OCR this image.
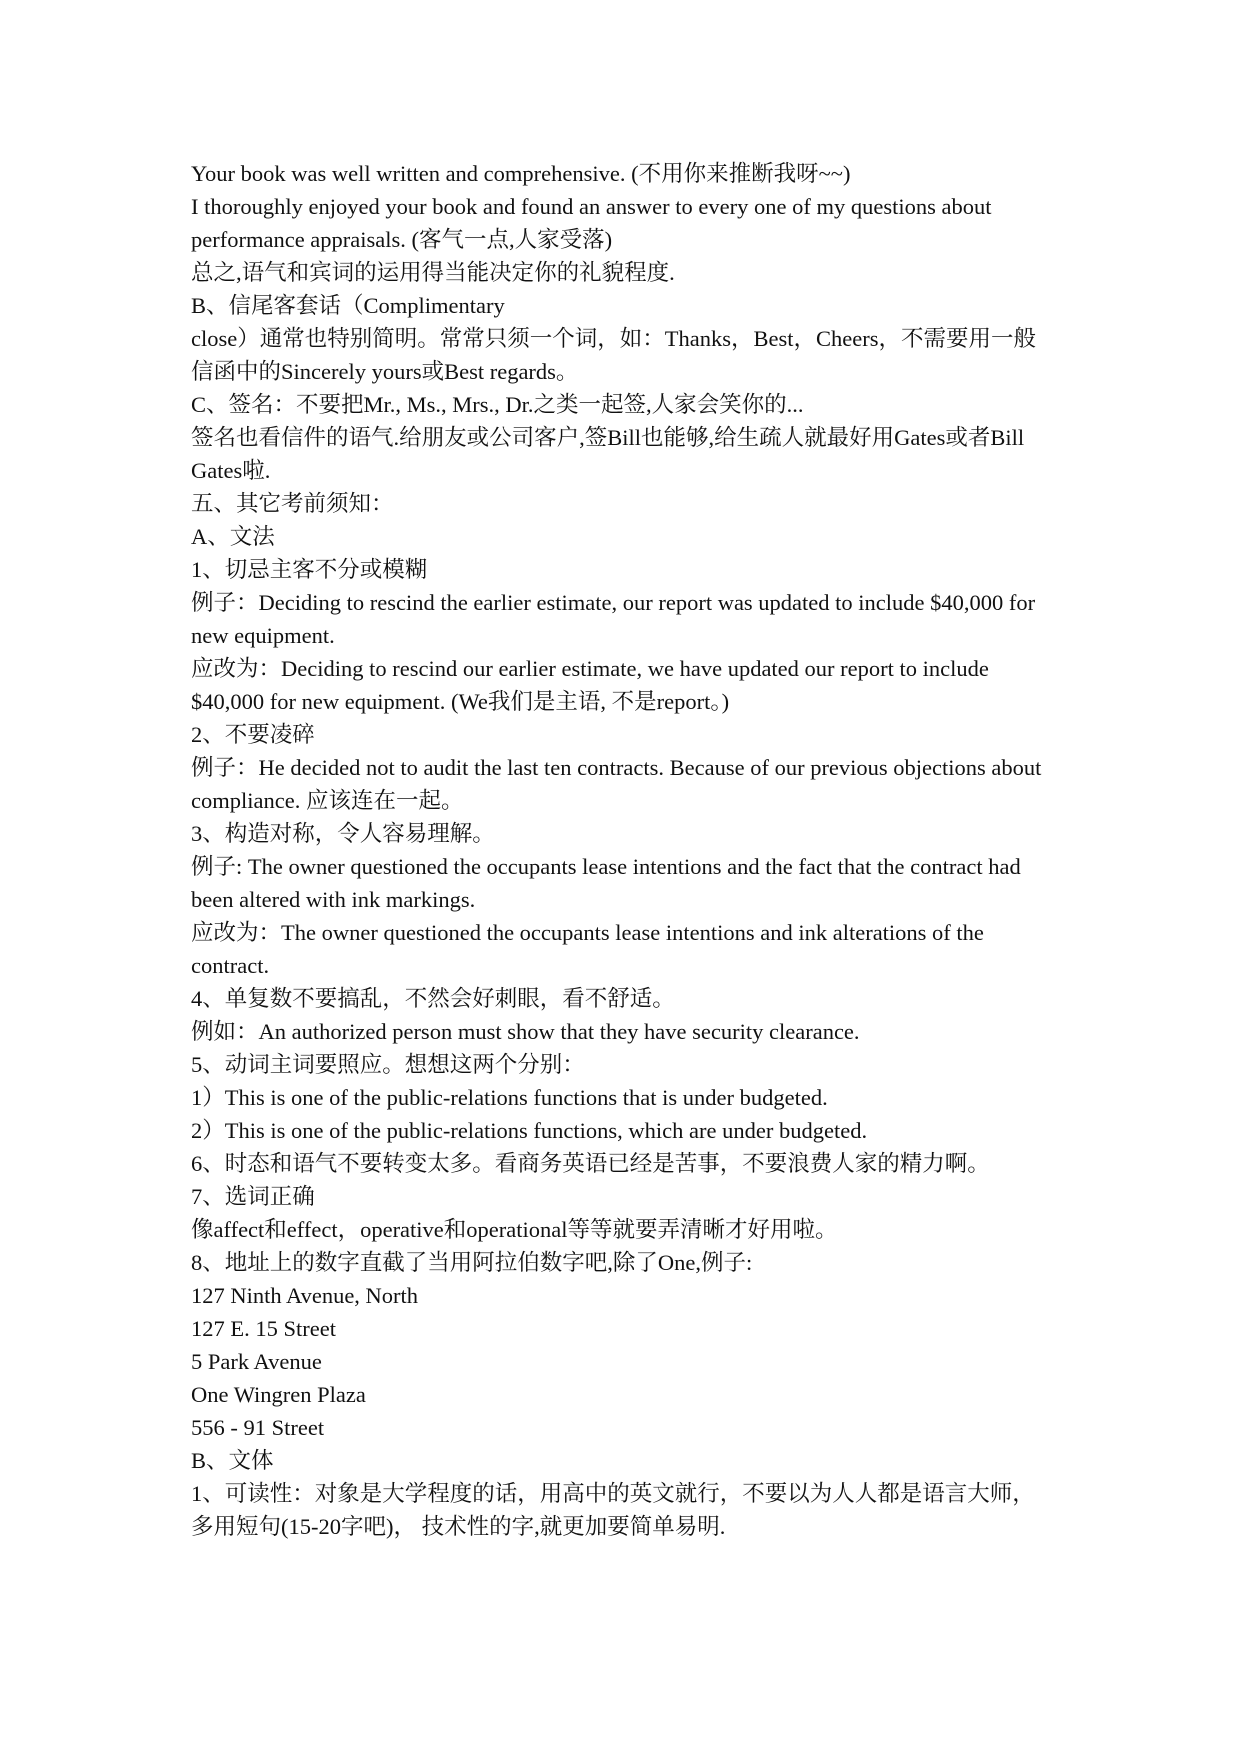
Your book was well written and comprehensive. (不用你来推断我呀~~)

I thoroughly enjoyed your book and found an answer to every one of my questions about performance appraisals. (客气一点,人家受落)

总之,语气和宾词的运用得当能决定你的礼貌程度.

B、信尾客套话（Complimentary

close）通常也特别简明。常常只须一个词，如：Thanks，Best，Cheers，不需要用一般信函中的Sincerely yours或Best regards。

C、签名：不要把Mr., Ms., Mrs., Dr.之类一起签,人家会笑你的...

签名也看信件的语气.给朋友或公司客户,签Bill也能够,给生疏人就最好用Gates或者Bill Gates啦.

五、其它考前须知：

A、文法

1、切忌主客不分或模糊

例子：Deciding to rescind the earlier estimate, our report was updated to include $40,000 for new equipment.

应改为：Deciding to rescind our earlier estimate, we have updated our report to include $40,000 for new equipment. (We我们是主语, 不是report。)

2、不要凌碎

例子：He decided not to audit the last ten contracts. Because of our previous objections about compliance. 应该连在一起。

3、构造对称，令人容易理解。

例子: The owner questioned the occupants lease intentions and the fact that the contract had been altered with ink markings.

应改为：The owner questioned the occupants lease intentions and ink alterations of the contract.

4、单复数不要搞乱，不然会好刺眼，看不舒适。

例如：An authorized person must show that they have security clearance.

5、动词主词要照应。想想这两个分别：

1）This is one of the public-relations functions that is under budgeted.

2）This is one of the public-relations functions, which are under budgeted.

6、时态和语气不要转变太多。看商务英语已经是苦事，不要浪费人家的精力啊。

7、选词正确

像affect和effect，operative和operational等等就要弄清晰才好用啦。

8、地址上的数字直截了当用阿拉伯数字吧,除了One,例子:

127 Ninth Avenue, North

127 E. 15 Street

5 Park Avenue

One Wingren Plaza

556 - 91 Street

B、文体

1、可读性：对象是大学程度的话，用高中的英文就行，不要以为人人都是语言大师，多用短句(15-20字吧)， 技术性的字,就更加要简单易明.
